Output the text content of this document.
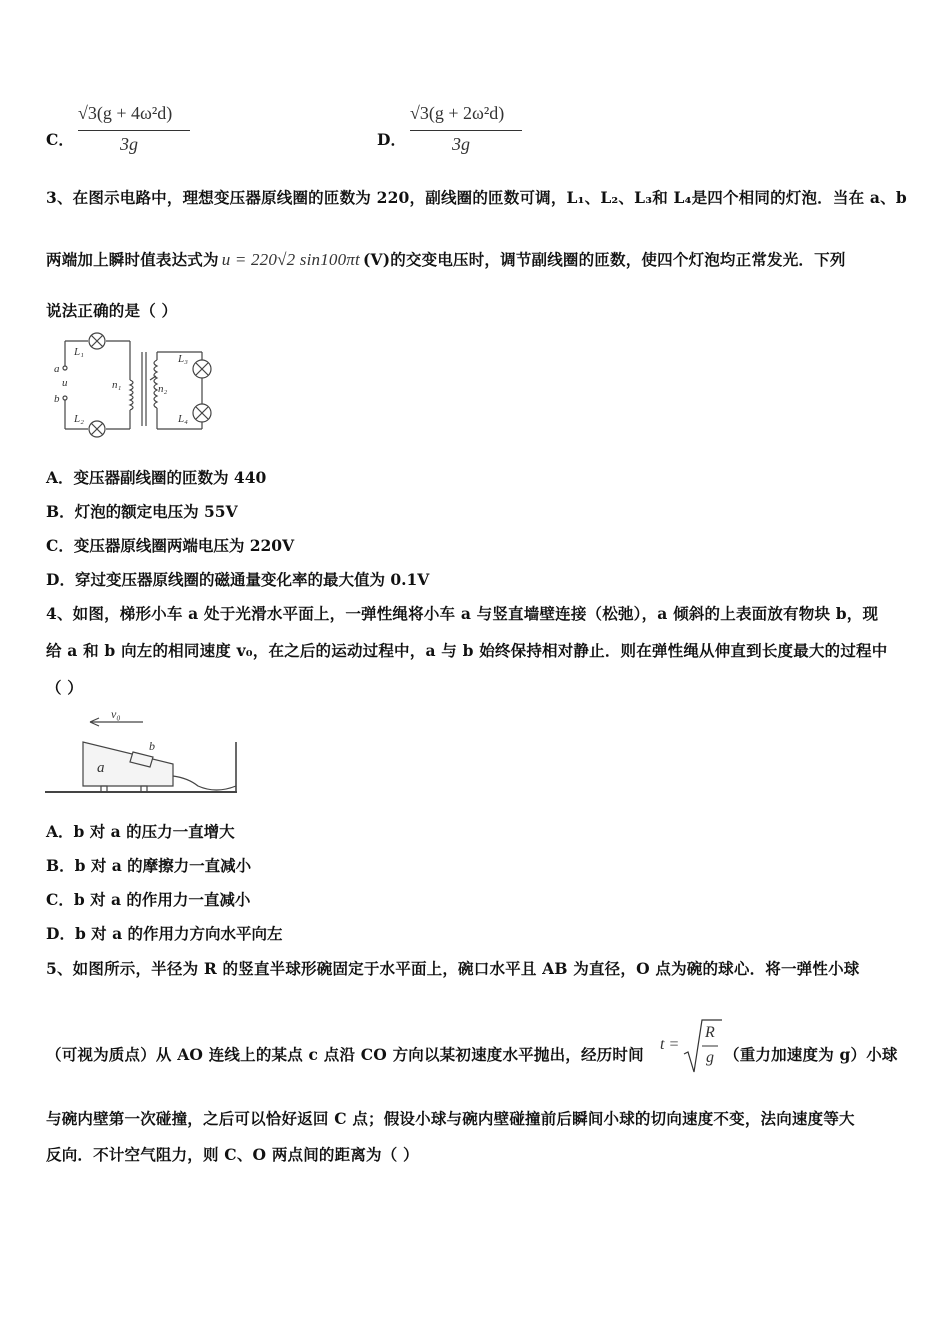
C．
√3(g + 4ω²d)
3g	D．
√3(g + 2ω²d)
3g
3、在图示电路中，理想变压器原线圈的匝数为 220，副线圈的匝数可调，L₁、L₂、L₃和 L₄是四个相同的灯泡．当在 a、b
两端加上瞬时值表达式为 u = 220√2 sin100πt (V)的交变电压时，调节副线圈的匝数，使四个灯泡均正常发光．下列
说法正确的是（ ）
L₁
L₂
L₃
L₄
a
u
b
n₁	n₂
A．变压器副线圈的匝数为 440
B．灯泡的额定电压为 55V
C．变压器原线圈两端电压为 220V
D．穿过变压器原线圈的磁通量变化率的最大值为 0.1V
4、如图，梯形小车 a 处于光滑水平面上，一弹性绳将小车 a 与竖直墙壁连接（松弛），a 倾斜的上表面放有物块 b，现
给 a 和 b 向左的相同速度 v₀，在之后的运动过程中，a 与 b 始终保持相对静止．则在弹性绳从伸直到长度最大的过程中
（ ）
v₀
a
b
A．b 对 a 的压力一直增大
B．b 对 a 的摩擦力一直减小
C．b 对 a 的作用力一直减小
D．b 对 a 的作用力方向水平向左
5、如图所示，半径为 R 的竖直半球形碗固定于水平面上，碗口水平且 AB 为直径，O 点为碗的球心．将一弹性小球
（可视为质点）从 AO 连线上的某点 c 点沿 CO 方向以某初速度水平抛出，经历时间
t =
R
g （重力加速度为 g）小球
与碗内壁第一次碰撞，之后可以恰好返回 C 点；假设小球与碗内壁碰撞前后瞬间小球的切向速度不变，法向速度等大
反向．不计空气阻力，则 C、O 两点间的距离为（ ）
